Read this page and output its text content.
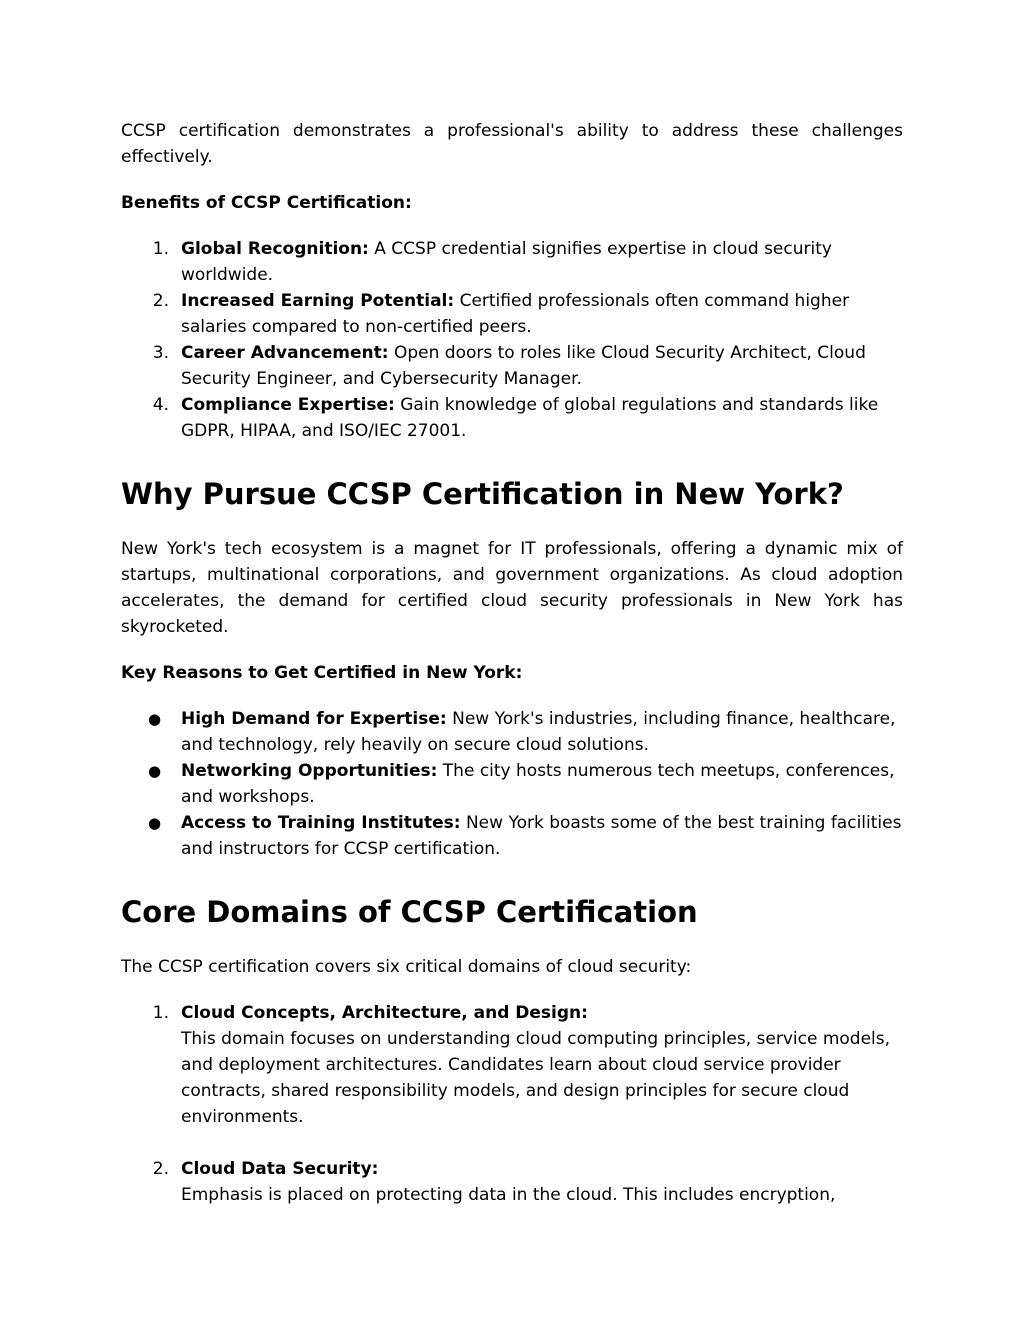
CCSP certification demonstrates a professional's ability to address these challenges effectively.

Benefits of CCSP Certification:

1. Global Recognition: A CCSP credential signifies expertise in cloud security worldwide.
2. Increased Earning Potential: Certified professionals often command higher salaries compared to non-certified peers.
3. Career Advancement: Open doors to roles like Cloud Security Architect, Cloud Security Engineer, and Cybersecurity Manager.
4. Compliance Expertise: Gain knowledge of global regulations and standards like GDPR, HIPAA, and ISO/IEC 27001.
Why Pursue CCSP Certification in New York?

New York's tech ecosystem is a magnet for IT professionals, offering a dynamic mix of startups, multinational corporations, and government organizations. As cloud adoption accelerates, the demand for certified cloud security professionals in New York has skyrocketed.

Key Reasons to Get Certified in New York:

● High Demand for Expertise: New York's industries, including finance, healthcare, and technology, rely heavily on secure cloud solutions.
● Networking Opportunities: The city hosts numerous tech meetups, conferences, and workshops.
● Access to Training Institutes: New York boasts some of the best training facilities and instructors for CCSP certification.
Core Domains of CCSP Certification

The CCSP certification covers six critical domains of cloud security:

1. Cloud Concepts, Architecture, and Design:
This domain focuses on understanding cloud computing principles, service models, and deployment architectures. Candidates learn about cloud service provider contracts, shared responsibility models, and design principles for secure cloud environments.
2. Cloud Data Security:
Emphasis is placed on protecting data in the cloud. This includes encryption,
